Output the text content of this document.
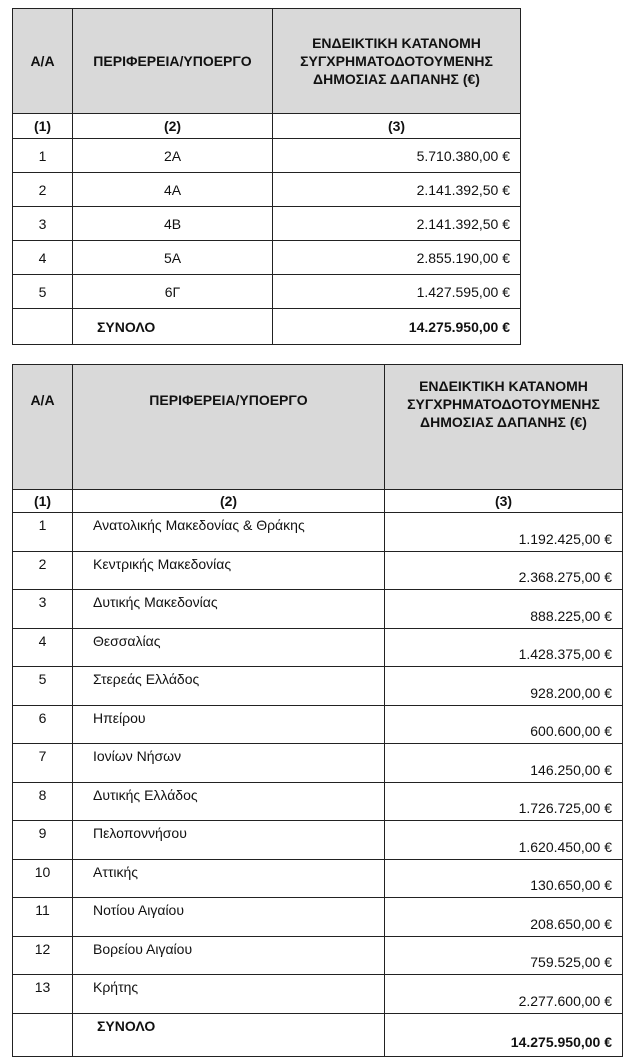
Α/Α	ΠΕΡΙΦΕΡΕΙΑ/ΥΠΟΕΡΓΟ	ΕΝΔΕΙΚΤΙΚΗ ΚΑΤΑΝΟΜΗ
ΣΥΓΧΡΗΜΑΤΟΔΟΤΟΥΜΕΝΗΣ
ΔΗΜΟΣΙΑΣ ΔΑΠΑΝΗΣ (€)

(1)	(2)	(3)
1	2Α	5.710.380,00 €
2	4Α	2.141.392,50 €
3	4Β	2.141.392,50 €
4	5Α	2.855.190,00 €
5	6Γ	1.427.595,00 €
	ΣΥΝΟΛΟ	14.275.950,00 €
Α/Α	ΠΕΡΙΦΕΡΕΙΑ/ΥΠΟΕΡΓΟ	ΕΝΔΕΙΚΤΙΚΗ ΚΑΤΑΝΟΜΗ
ΣΥΓΧΡΗΜΑΤΟΔΟΤΟΥΜΕΝΗΣ
ΔΗΜΟΣΙΑΣ ΔΑΠΑΝΗΣ (€)

(1)	(2)	(3)
1	Ανατολικής Μακεδονίας & Θράκης	1.192.425,00 €
2	Κεντρικής Μακεδονίας	2.368.275,00 €
3	Δυτικής Μακεδονίας	888.225,00 €
4	Θεσσαλίας	1.428.375,00 €
5	Στερεάς Ελλάδος	928.200,00 €
6	Ηπείρου	600.600,00 €
7	Ιονίων Νήσων	146.250,00 €
8	Δυτικής Ελλάδος	1.726.725,00 €
9	Πελοποννήσου	1.620.450,00 €
10	Αττικής	130.650,00 €
11	Νοτίου Αιγαίου	208.650,00 €
12	Βορείου Αιγαίου	759.525,00 €
13	Κρήτης	2.277.600,00 €
	ΣΥΝΟΛΟ	14.275.950,00 €
